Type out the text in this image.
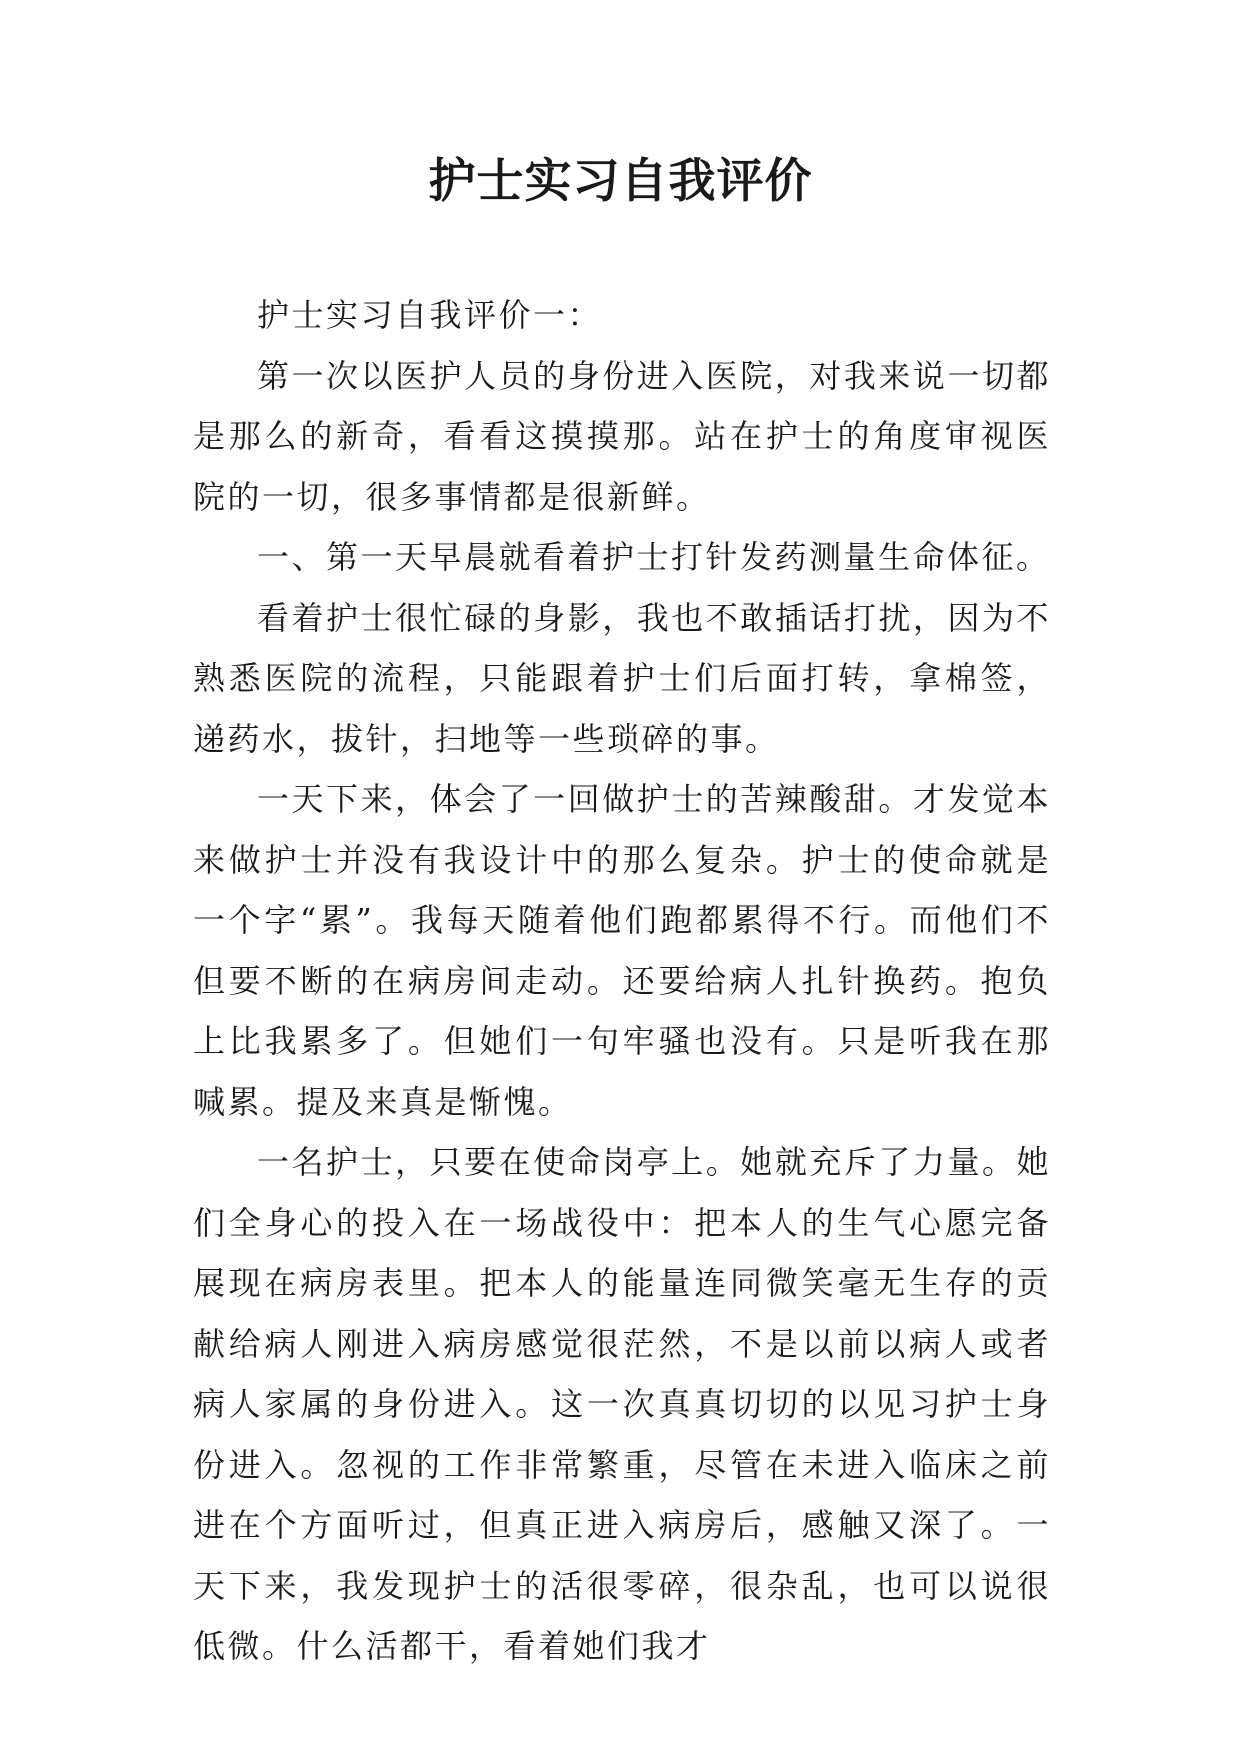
护士实习自我评价

护士实习自我评价一：

第一次以医护人员的身份进入医院，对我来说一切都是那么的新奇，看看这摸摸那。站在护士的角度审视医院的一切，很多事情都是很新鲜。

一、第一天早晨就看着护士打针发药测量生命体征。

看着护士很忙碌的身影，我也不敢插话打扰，因为不熟悉医院的流程，只能跟着护士们后面打转，拿棉签，递药水，拔针，扫地等一些琐碎的事。

一天下来，体会了一回做护士的苦辣酸甜。才发觉本来做护士并没有我设计中的那么复杂。护士的使命就是一个字“累”。我每天随着他们跑都累得不行。而他们不但要不断的在病房间走动。还要给病人扎针换药。抱负上比我累多了。但她们一句牢骚也没有。只是听我在那喊累。提及来真是惭愧。

一名护士，只要在使命岗亭上。她就充斥了力量。她们全身心的投入在一场战役中：把本人的生气心愿完备展现在病房表里。把本人的能量连同微笑毫无生存的贡献给病人刚进入病房感觉很茫然，不是以前以病人或者病人家属的身份进入。这一次真真切切的以见习护士身份进入。忽视的工作非常繁重，尽管在未进入临床之前进在个方面听过，但真正进入病房后，感触又深了。一天下来，我发现护士的活很零碎，很杂乱，也可以说很低微。什么活都干，看着她们我才
